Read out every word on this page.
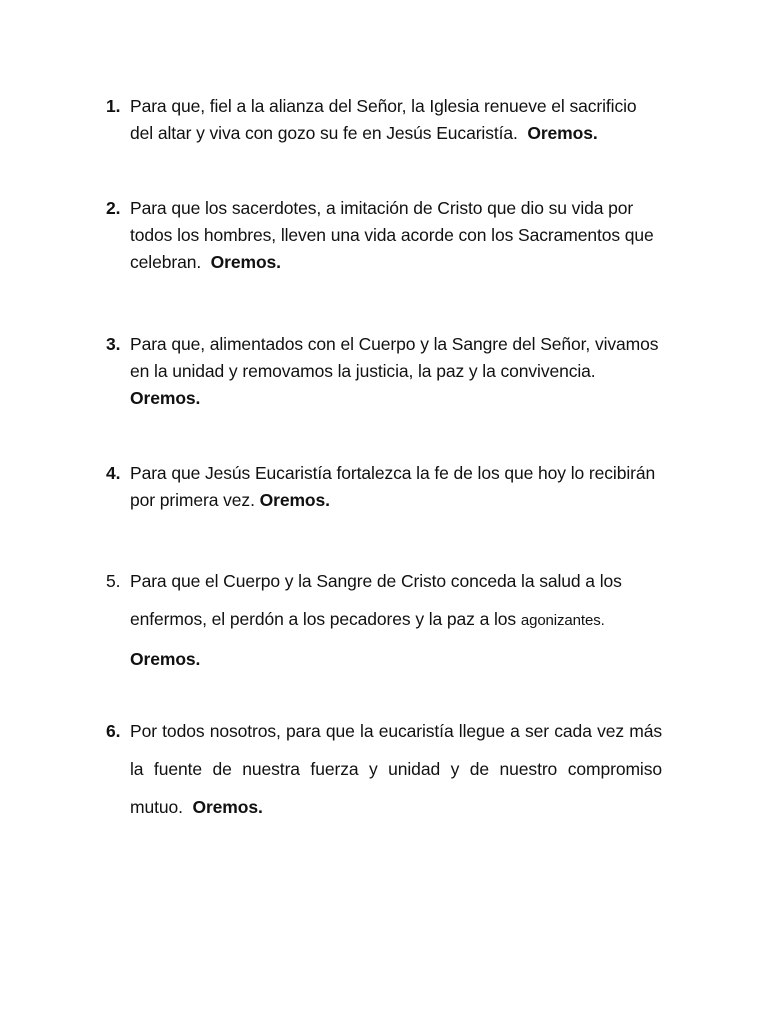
1. Para que, fiel a la alianza del Señor, la Iglesia renueve el sacrificio del altar y viva con gozo su fe en Jesús Eucaristía. Oremos.
2. Para que los sacerdotes, a imitación de Cristo que dio su vida por todos los hombres, lleven una vida acorde con los Sacramentos que celebran. Oremos.
3. Para que, alimentados con el Cuerpo y la Sangre del Señor, vivamos en la unidad y removamos la justicia, la paz y la convivencia. Oremos.
4. Para que Jesús Eucaristía fortalezca la fe de los que hoy lo recibirán por primera vez. Oremos.
5. Para que el Cuerpo y la Sangre de Cristo conceda la salud a los enfermos, el perdón a los pecadores y la paz a los agonizantes.
Oremos.
6. Por todos nosotros, para que la eucaristía llegue a ser cada vez más la fuente de nuestra fuerza y unidad y de nuestro compromiso mutuo. Oremos.
